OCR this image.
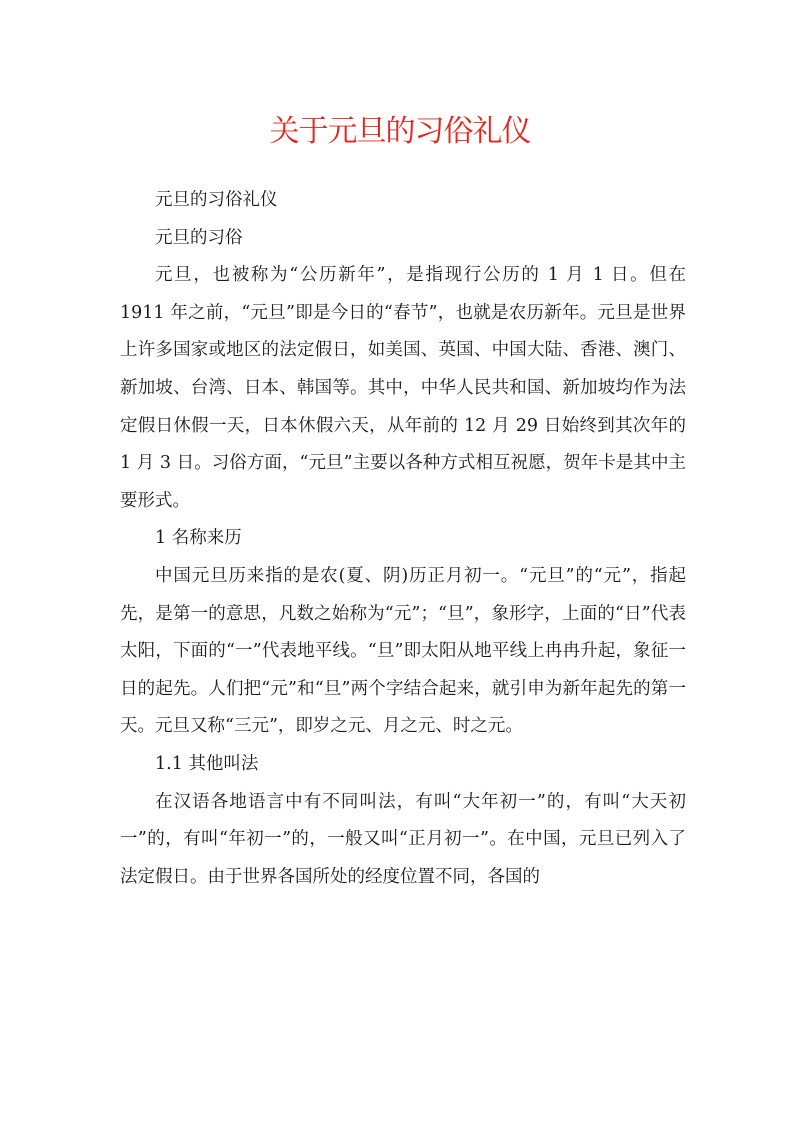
关于元旦的习俗礼仪

元旦的习俗礼仪

元旦的习俗

元旦，也被称为“公历新年”，是指现行公历的 1 月 1 日。但在 1911 年之前，“元旦”即是今日的“春节”，也就是农历新年。元旦是世界上许多国家或地区的法定假日，如美国、英国、中国大陆、香港、澳门、新加坡、台湾、日本、韩国等。其中，中华人民共和国、新加坡均作为法定假日休假一天，日本休假六天，从年前的 12 月 29 日始终到其次年的 1 月 3 日。习俗方面，“元旦”主要以各种方式相互祝愿，贺年卡是其中主要形式。

1 名称来历

中国元旦历来指的是农(夏、阴)历正月初一。“元旦”的“元”，指起先，是第一的意思，凡数之始称为“元”；“旦”，象形字，上面的“日”代表太阳，下面的“一”代表地平线。“旦”即太阳从地平线上冉冉升起，象征一日的起先。人们把“元”和“旦”两个字结合起来，就引申为新年起先的第一天。元旦又称“三元”，即岁之元、月之元、时之元。

1.1 其他叫法

在汉语各地语言中有不同叫法，有叫“大年初一”的，有叫“大天初一”的，有叫“年初一”的，一般又叫“正月初一”。在中国，元旦已列入了法定假日。由于世界各国所处的经度位置不同，各国的
